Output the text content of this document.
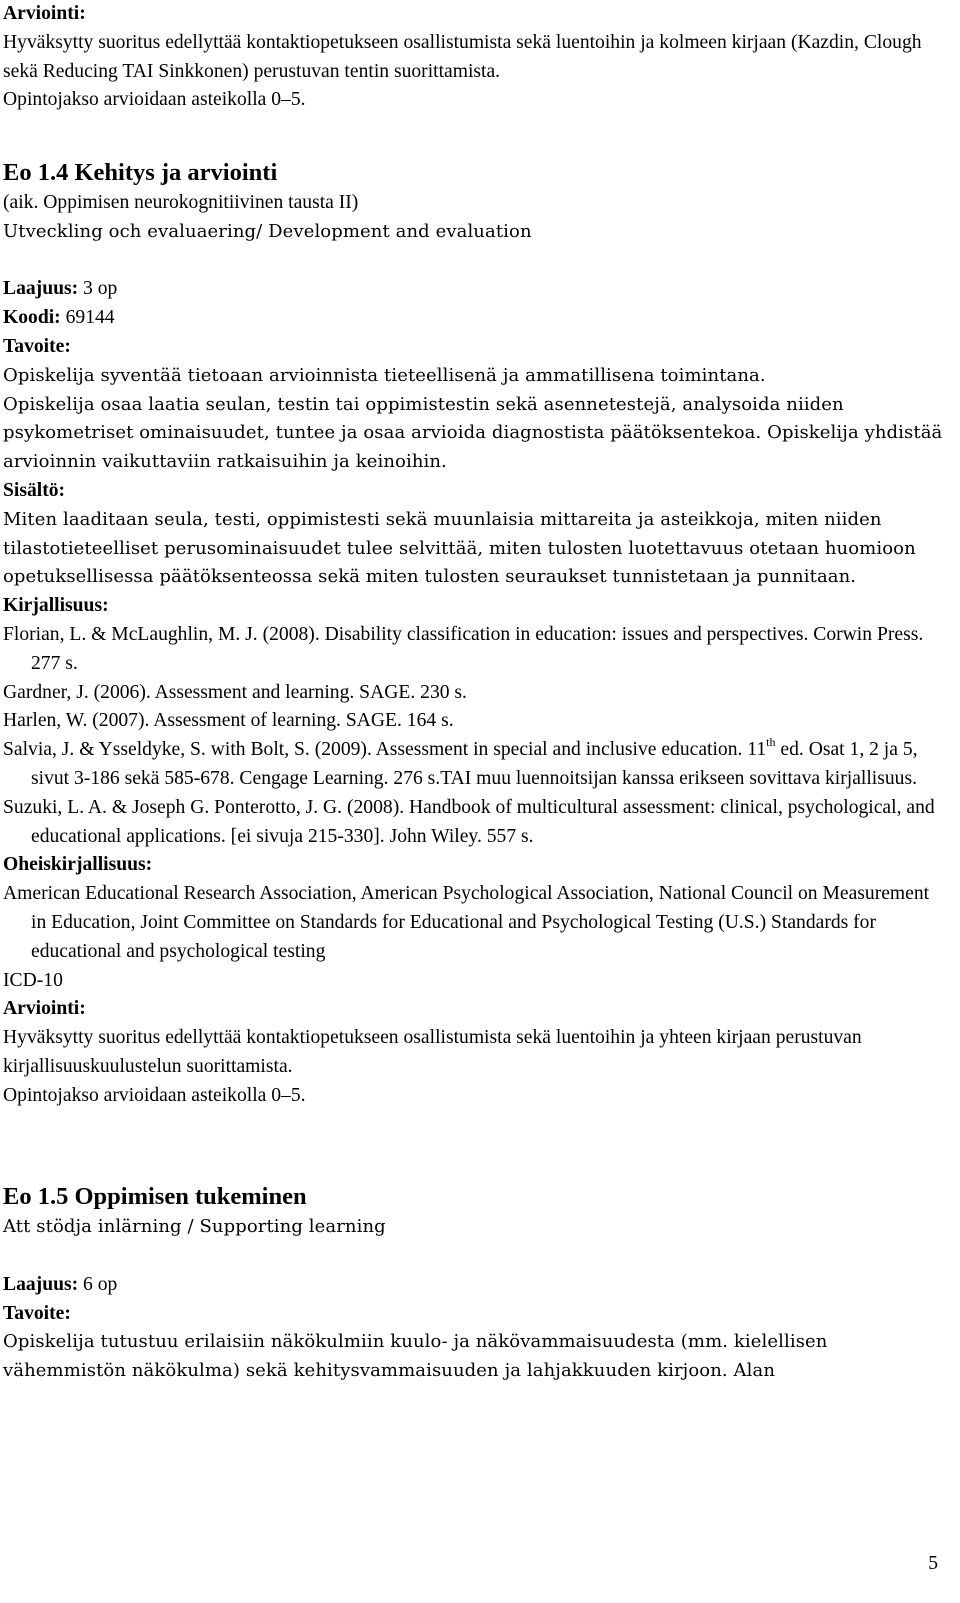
Arviointi:

Hyväksytty suoritus edellyttää kontaktiopetukseen osallistumista sekä luentoihin ja kolmeen kirjaan (Kazdin, Clough sekä Reducing TAI Sinkkonen) perustuvan tentin suorittamista.

Opintojakso arvioidaan asteikolla 0–5.

Eo 1.4 Kehitys ja arviointi

(aik. Oppimisen neurokognitiivinen tausta II)

Utveckling och evaluaering/ Development and evaluation

Laajuus: 3 op

Koodi: 69144

Tavoite:

Opiskelija syventää tietoaan arvioinnista tieteellisenä ja ammatillisena toimintana.

Opiskelija osaa laatia seulan, testin tai oppimistestin sekä asennetestejä, analysoida niiden psykometriset ominaisuudet, tuntee ja osaa arvioida diagnostista päätöksentekoa. Opiskelija yhdistää arvioinnin vaikuttaviin ratkaisuihin ja keinoihin.

Sisältö:

Miten laaditaan seula, testi, oppimistesti sekä muunlaisia mittareita ja asteikkoja, miten niiden tilastotieteelliset perusominaisuudet tulee selvittää, miten tulosten luotettavuus otetaan huomioon opetuksellisessa päätöksenteossa sekä miten tulosten seuraukset tunnistetaan ja punnitaan.

Kirjallisuus:

Florian, L. & McLaughlin, M. J. (2008). Disability classification in education: issues and perspectives. Corwin Press. 277 s.

Gardner, J. (2006). Assessment and learning. SAGE. 230 s.

Harlen, W. (2007). Assessment of learning. SAGE. 164 s.

Salvia, J. & Ysseldyke, S. with Bolt, S. (2009). Assessment in special and inclusive education. 11th ed. Osat 1, 2 ja 5, sivut 3-186 sekä 585-678. Cengage Learning. 276 s.TAI muu luennoitsijan kanssa erikseen sovittava kirjallisuus.

Suzuki, L. A. & Joseph G. Ponterotto, J. G. (2008). Handbook of multicultural assessment: clinical, psychological, and educational applications. [ei sivuja 215-330]. John Wiley. 557 s.

Oheiskirjallisuus:

American Educational Research Association, American Psychological Association, National Council on Measurement in Education, Joint Committee on Standards for Educational and Psychological Testing (U.S.) Standards for educational and psychological testing

ICD-10

Arviointi:

Hyväksytty suoritus edellyttää kontaktiopetukseen osallistumista sekä luentoihin ja yhteen kirjaan perustuvan kirjallisuuskuulustelun suorittamista.

Opintojakso arvioidaan asteikolla 0–5.

Eo 1.5 Oppimisen tukeminen

Att stödja inlärning / Supporting learning

Laajuus: 6 op

Tavoite:

Opiskelija tutustuu erilaisiin näkökulmiin kuulo- ja näkövammaisuudesta (mm. kielellisen vähemmistön näkökulma) sekä kehitysvammaisuuden ja lahjakkuuden kirjoon. Alan

5
